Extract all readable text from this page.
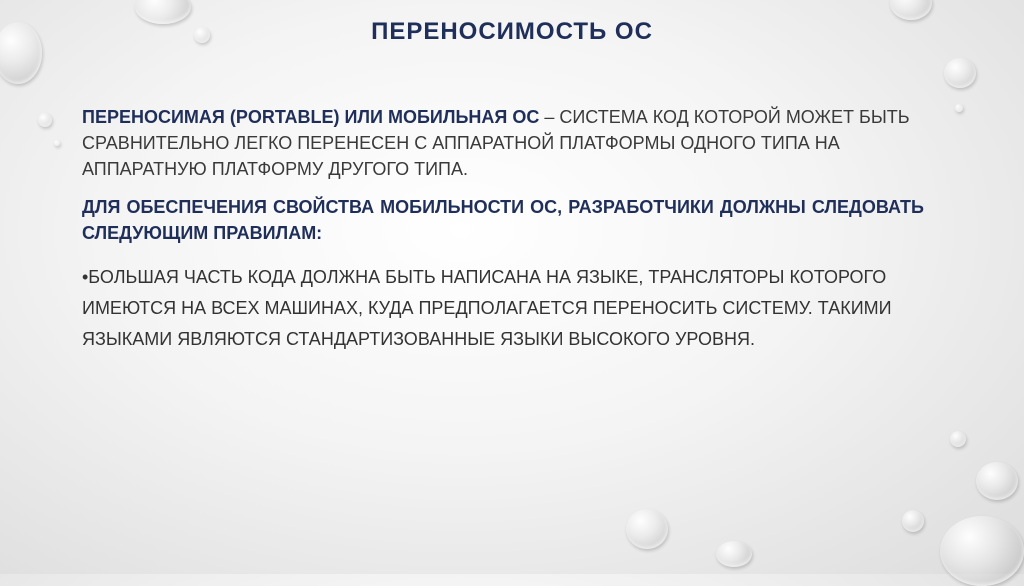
ПЕРЕНОСИМОСТЬ ОС

ПЕРЕНОСИМАЯ (PORTABLE) ИЛИ МОБИЛЬНАЯ ОС – СИСТЕМА КОД КОТОРОЙ МОЖЕТ БЫТЬ СРАВНИТЕЛЬНО ЛЕГКО ПЕРЕНЕСЕН С АППАРАТНОЙ ПЛАТФОРМЫ ОДНОГО ТИПА НА АППАРАТНУЮ ПЛАТФОРМУ ДРУГОГО ТИПА.

ДЛЯ ОБЕСПЕЧЕНИЯ СВОЙСТВА МОБИЛЬНОСТИ ОС, РАЗРАБОТЧИКИ ДОЛЖНЫ СЛЕДОВАТЬ СЛЕДУЮЩИМ ПРАВИЛАМ:

•БОЛЬШАЯ ЧАСТЬ КОДА ДОЛЖНА БЫТЬ НАПИСАНА НА ЯЗЫКЕ, ТРАНСЛЯТОРЫ КОТОРОГО ИМЕЮТСЯ НА ВСЕХ МАШИНАХ, КУДА ПРЕДПОЛАГАЕТСЯ ПЕРЕНОСИТЬ СИСТЕМУ. ТАКИМИ ЯЗЫКАМИ ЯВЛЯЮТСЯ СТАНДАРТИЗОВАННЫЕ ЯЗЫКИ ВЫСОКОГО УРОВНЯ.
